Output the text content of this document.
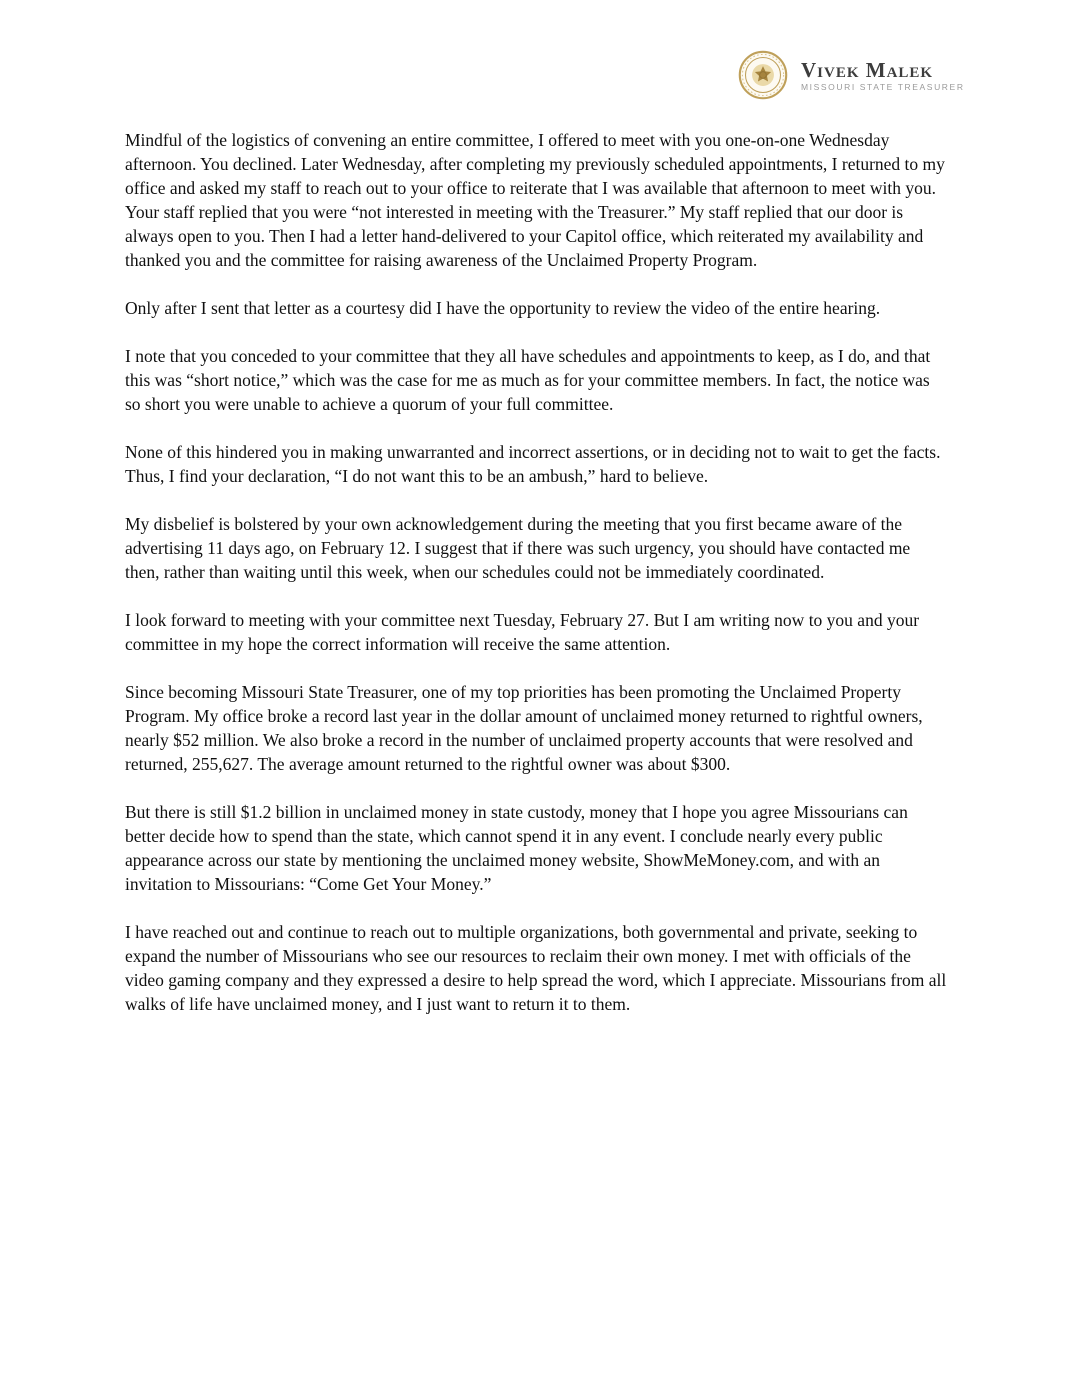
Vivek Malek
MISSOURI STATE TREASURER

Mindful of the logistics of convening an entire committee, I offered to meet with you one-on-one Wednesday afternoon. You declined. Later Wednesday, after completing my previously scheduled appointments, I returned to my office and asked my staff to reach out to your office to reiterate that I was available that afternoon to meet with you. Your staff replied that you were “not interested in meeting with the Treasurer.” My staff replied that our door is always open to you. Then I had a letter hand-delivered to your Capitol office, which reiterated my availability and thanked you and the committee for raising awareness of the Unclaimed Property Program.

Only after I sent that letter as a courtesy did I have the opportunity to review the video of the entire hearing.

I note that you conceded to your committee that they all have schedules and appointments to keep, as I do, and that this was “short notice,” which was the case for me as much as for your committee members. In fact, the notice was so short you were unable to achieve a quorum of your full committee.

None of this hindered you in making unwarranted and incorrect assertions, or in deciding not to wait to get the facts. Thus, I find your declaration, “I do not want this to be an ambush,” hard to believe.

My disbelief is bolstered by your own acknowledgement during the meeting that you first became aware of the advertising 11 days ago, on February 12. I suggest that if there was such urgency, you should have contacted me then, rather than waiting until this week, when our schedules could not be immediately coordinated.

I look forward to meeting with your committee next Tuesday, February 27. But I am writing now to you and your committee in my hope the correct information will receive the same attention.

Since becoming Missouri State Treasurer, one of my top priorities has been promoting the Unclaimed Property Program. My office broke a record last year in the dollar amount of unclaimed money returned to rightful owners, nearly $52 million. We also broke a record in the number of unclaimed property accounts that were resolved and returned, 255,627. The average amount returned to the rightful owner was about $300.

But there is still $1.2 billion in unclaimed money in state custody, money that I hope you agree Missourians can better decide how to spend than the state, which cannot spend it in any event. I conclude nearly every public appearance across our state by mentioning the unclaimed money website, ShowMeMoney.com, and with an invitation to Missourians: “Come Get Your Money.”

I have reached out and continue to reach out to multiple organizations, both governmental and private, seeking to expand the number of Missourians who see our resources to reclaim their own money. I met with officials of the video gaming company and they expressed a desire to help spread the word, which I appreciate. Missourians from all walks of life have unclaimed money, and I just want to return it to them.
